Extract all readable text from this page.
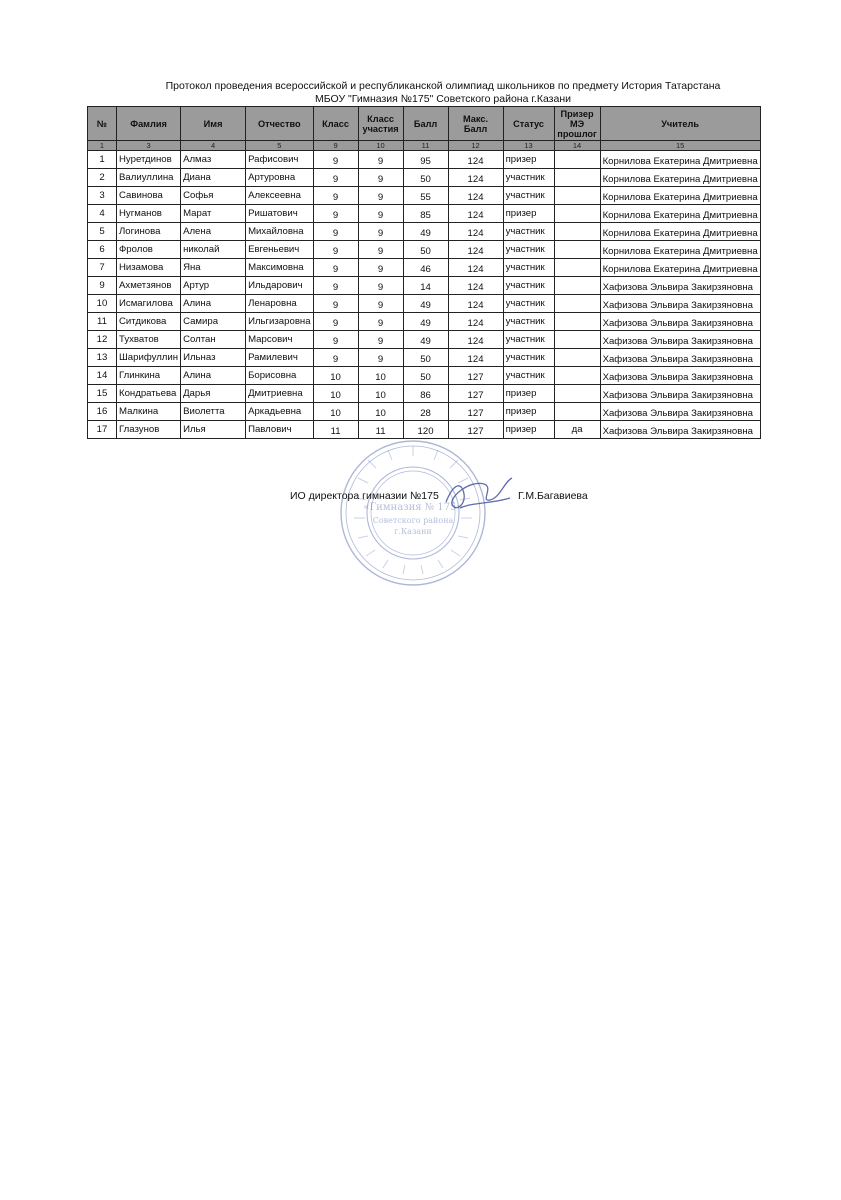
Протокол проведения всероссийской и республиканской олимпиад школьников по предмету История Татарстана
МБОУ "Гимназия №175" Советского района г.Казани
№	Фамлия	Имя	Отчество	Класс	Класс участия	Балл	Макс. Балл	Статус	Призер МЭ прошлог	Учитель
1	3	4	5	9	10	11	12	13	14	15
1	Нуретдинов	Алмаз	Рафисович	9	9	95	124	призер		Корнилова Екатерина Дмитриевна
2	Валиуллина	Диана	Артуровна	9	9	50	124	участник		Корнилова Екатерина Дмитриевна
3	Савинова	Софья	Алексеевна	9	9	55	124	участник		Корнилова Екатерина Дмитриевна
4	Нугманов	Марат	Ришатович	9	9	85	124	призер		Корнилова Екатерина Дмитриевна
5	Логинова	Алена	Михайловна	9	9	49	124	участник		Корнилова Екатерина Дмитриевна
6	Фролов	николай	Евгеньевич	9	9	50	124	участник		Корнилова Екатерина Дмитриевна
7	Низамова	Яна	Максимовна	9	9	46	124	участник		Корнилова Екатерина Дмитриевна
9	Ахметзянов	Артур	Ильдарович	9	9	14	124	участник		Хафизова Эльвира Закирзяновна
10	Исмагилова	Алина	Ленаровна	9	9	49	124	участник		Хафизова Эльвира Закирзяновна
11	Ситдикова	Самира	Ильгизаровна	9	9	49	124	участник		Хафизова Эльвира Закирзяновна
12	Тухватов	Солтан	Марсович	9	9	49	124	участник		Хафизова Эльвира Закирзяновна
13	Шарифуллин	Ильназ	Рамилевич	9	9	50	124	участник		Хафизова Эльвира Закирзяновна
14	Глинкина	Алина	Борисовна	10	10	50	127	участник		Хафизова Эльвира Закирзяновна
15	Кондратьева	Дарья	Дмитриевна	10	10	86	127	призер		Хафизова Эльвира Закирзяновна
16	Малкина	Виолетта	Аркадьевна	10	10	28	127	призер		Хафизова Эльвира Закирзяновна
17	Глазунов	Илья	Павлович	11	11	120	127	призер	да	Хафизова Эльвира Закирзяновна
«Гимназия № 175»
Советского района
г.Казани
ИО директора гимназии №175	Г.М.Багавиева
